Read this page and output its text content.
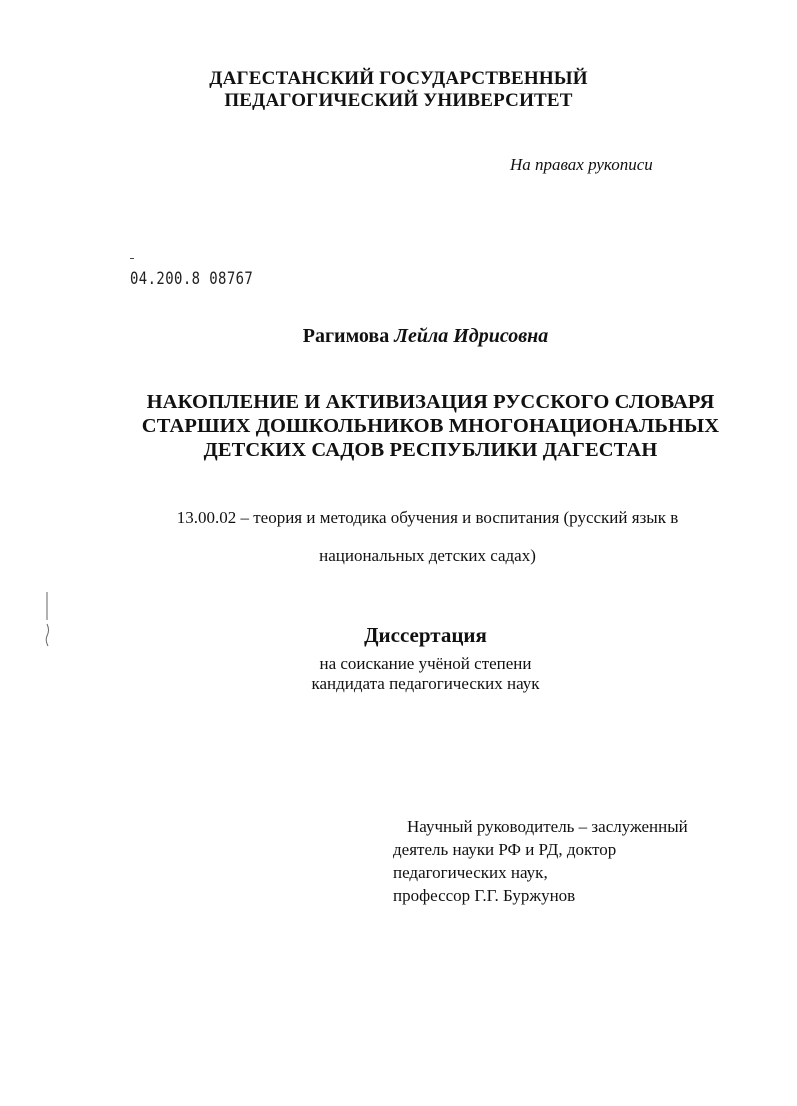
ДАГЕСТАНСКИЙ ГОСУДАРСТВЕННЫЙ
ПЕДАГОГИЧЕСКИЙ УНИВЕРСИТЕТ
На правах рукописи
04.200.8 08767
Рагимова Лейла Идрисовна
НАКОПЛЕНИЕ И АКТИВИЗАЦИЯ РУССКОГО СЛОВАРЯ
СТАРШИХ ДОШКОЛЬНИКОВ МНОГОНАЦИОНАЛЬНЫХ
ДЕТСКИХ САДОВ РЕСПУБЛИКИ ДАГЕСТАН
13.00.02 – теория и методика обучения и воспитания (русский язык в
национальных детских садах)
Диссертация
на соискание учёной степени
кандидата педагогических наук
Научный руководитель – заслуженный
деятель науки РФ и РД, доктор
педагогических наук,
профессор Г.Г. Буржунов
